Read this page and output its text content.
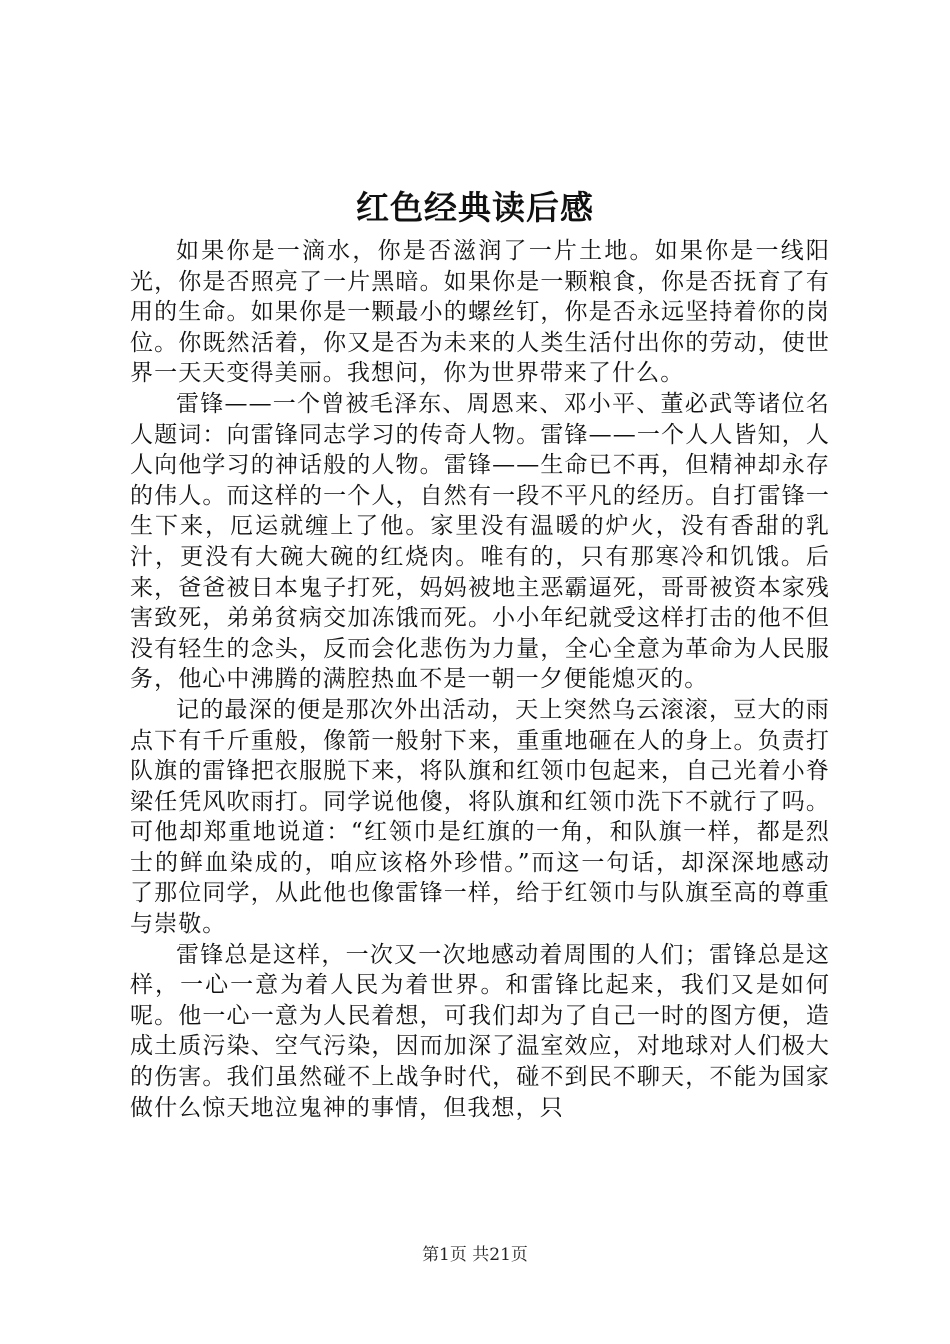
红色经典读后感

如果你是一滴水，你是否滋润了一片土地。如果你是一线阳光，你是否照亮了一片黑暗。如果你是一颗粮食，你是否抚育了有用的生命。如果你是一颗最小的螺丝钉，你是否永远坚持着你的岗位。你既然活着，你又是否为未来的人类生活付出你的劳动，使世界一天天变得美丽。我想问，你为世界带来了什么。

雷锋——一个曾被毛泽东、周恩来、邓小平、董必武等诸位名人题词：向雷锋同志学习的传奇人物。雷锋——一个人人皆知，人人向他学习的神话般的人物。雷锋——生命已不再，但精神却永存的伟人。而这样的一个人，自然有一段不平凡的经历。自打雷锋一生下来，厄运就缠上了他。家里没有温暖的炉火，没有香甜的乳汁，更没有大碗大碗的红烧肉。唯有的，只有那寒冷和饥饿。后来，爸爸被日本鬼子打死，妈妈被地主恶霸逼死，哥哥被资本家残害致死，弟弟贫病交加冻饿而死。小小年纪就受这样打击的他不但没有轻生的念头，反而会化悲伤为力量，全心全意为革命为人民服务，他心中沸腾的满腔热血不是一朝一夕便能熄灭的。

记的最深的便是那次外出活动，天上突然乌云滚滚，豆大的雨点下有千斤重般，像箭一般射下来，重重地砸在人的身上。负责打队旗的雷锋把衣服脱下来，将队旗和红领巾包起来，自己光着小脊梁任凭风吹雨打。同学说他傻，将队旗和红领巾洗下不就行了吗。可他却郑重地说道：“红领巾是红旗的一角，和队旗一样，都是烈士的鲜血染成的，咱应该格外珍惜。”而这一句话，却深深地感动了那位同学，从此他也像雷锋一样，给于红领巾与队旗至高的尊重与崇敬。

雷锋总是这样，一次又一次地感动着周围的人们；雷锋总是这样，一心一意为着人民为着世界。和雷锋比起来，我们又是如何呢。他一心一意为人民着想，可我们却为了自己一时的图方便，造成土质污染、空气污染，因而加深了温室效应，对地球对人们极大的伤害。我们虽然碰不上战争时代，碰不到民不聊天，不能为国家做什么惊天地泣鬼神的事情，但我想，只

第1页 共21页
